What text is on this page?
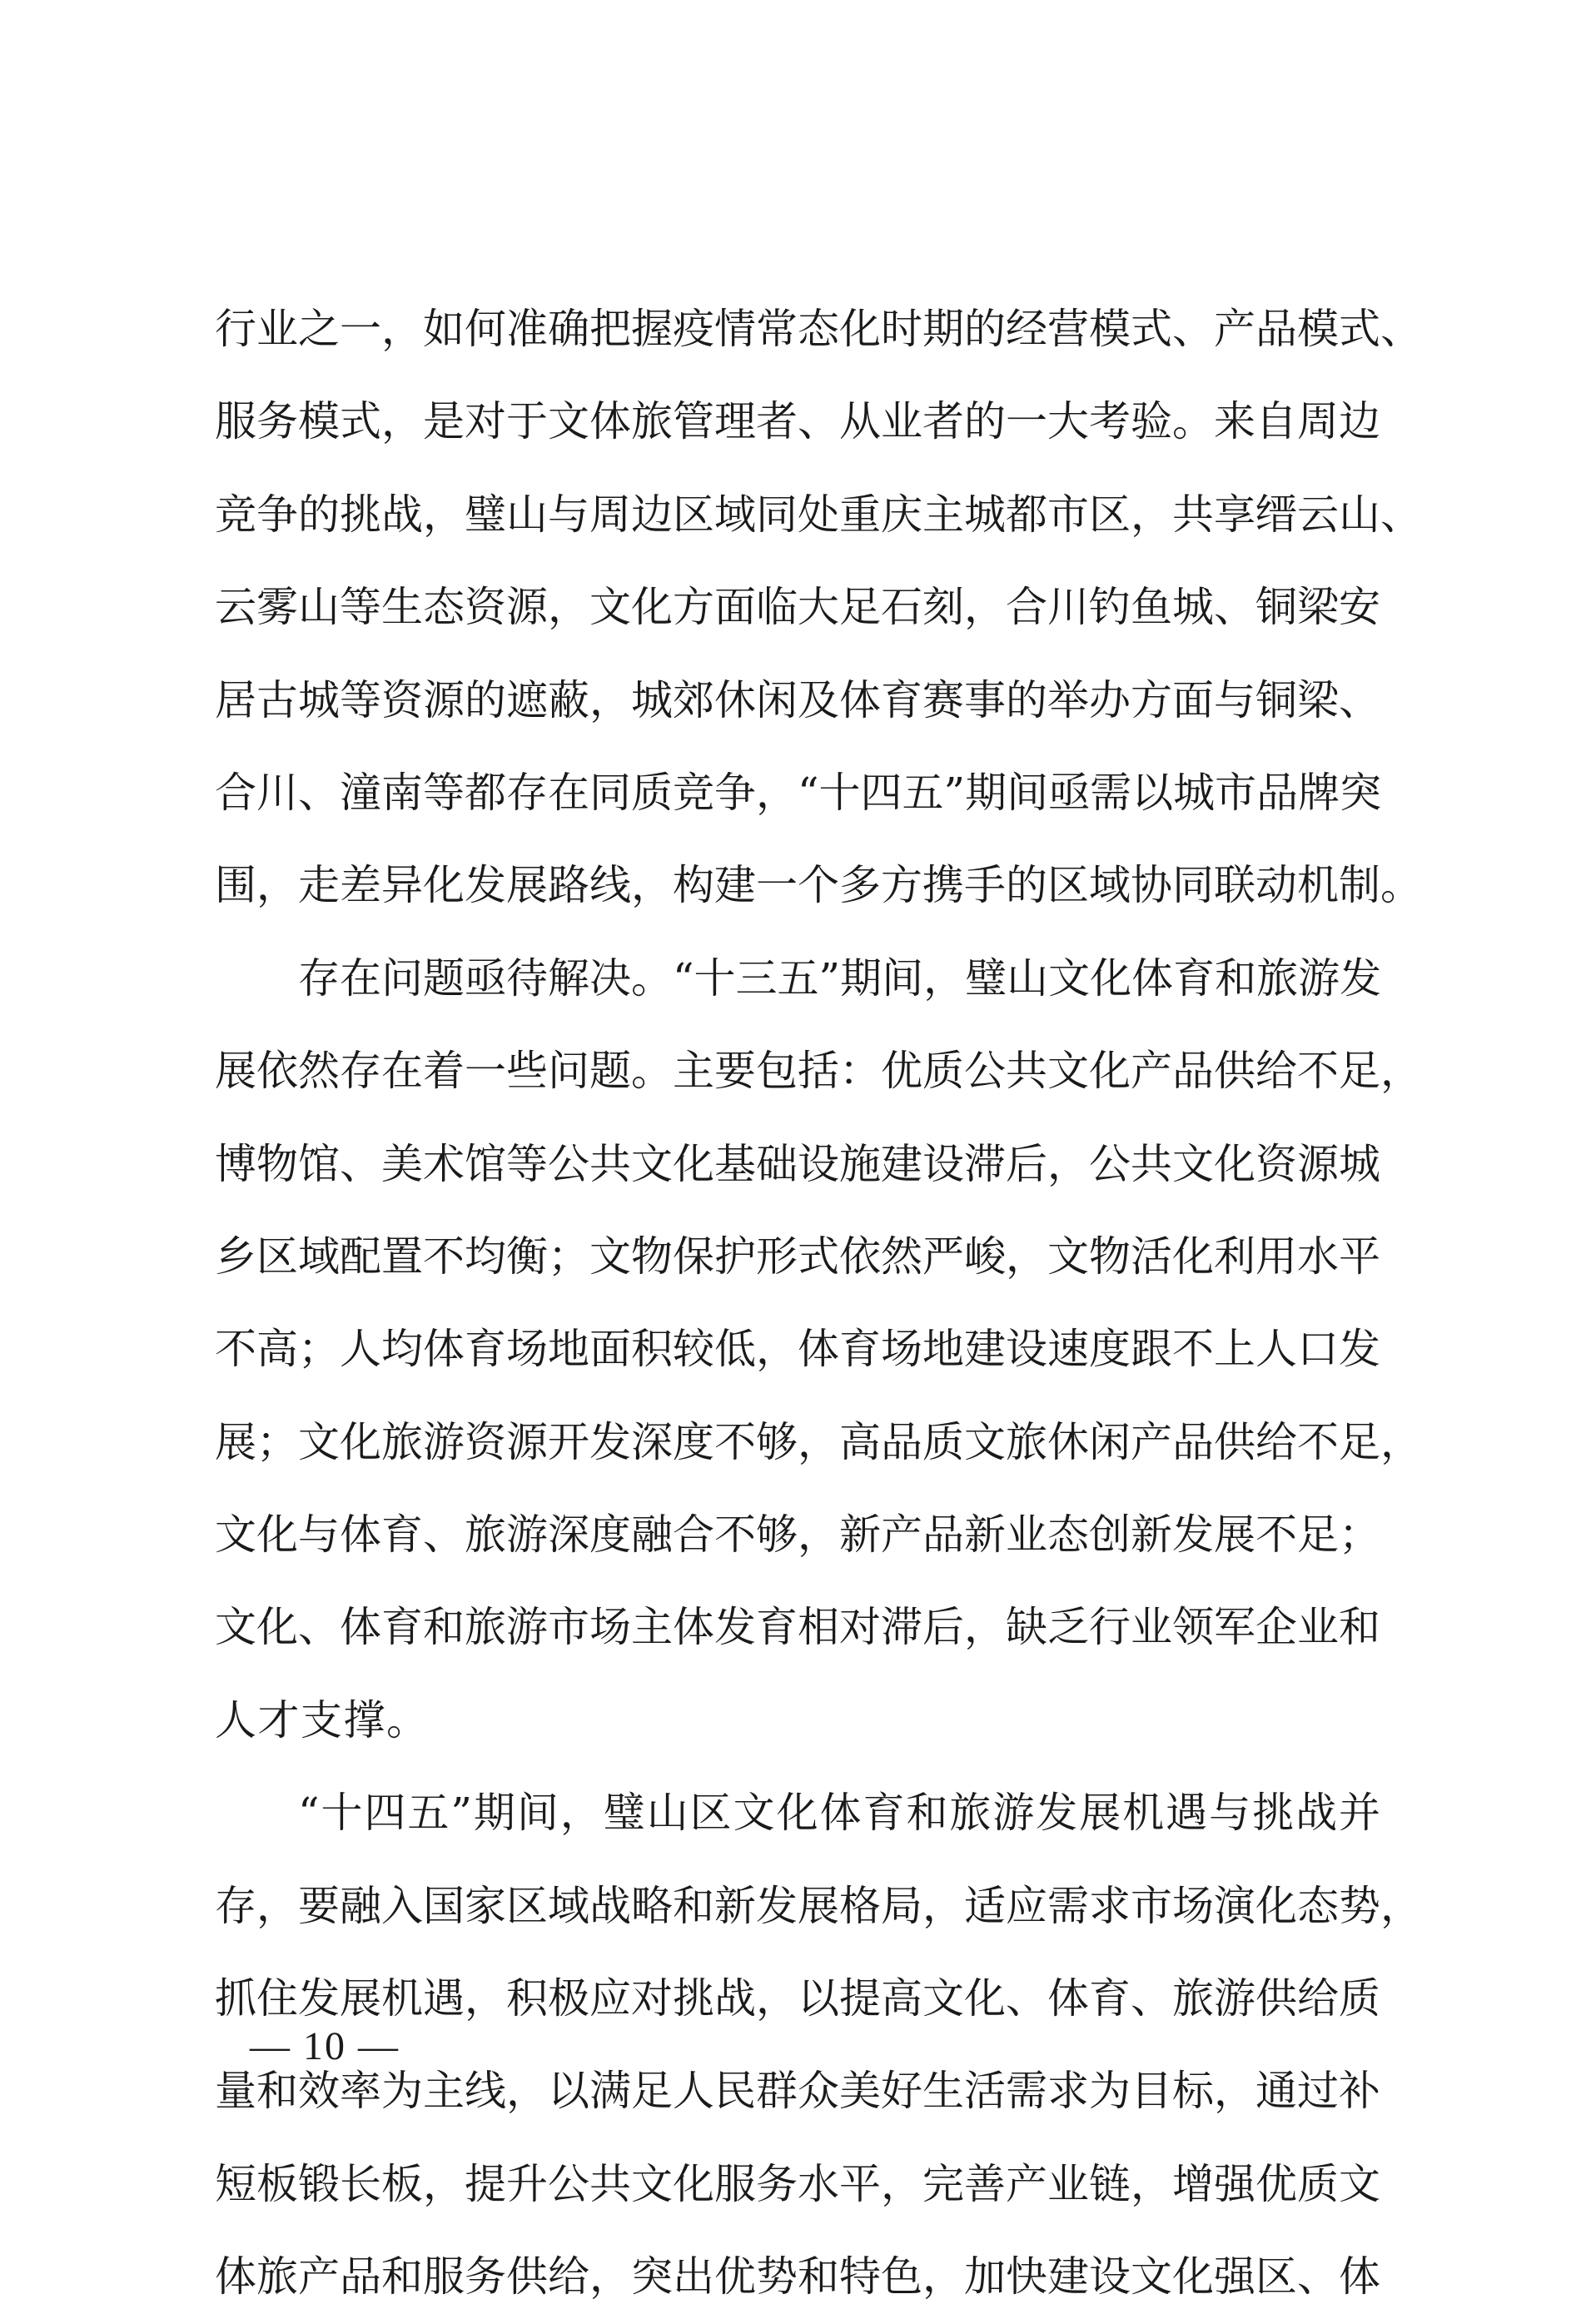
行业之一，如何准确把握疫情常态化时期的经营模式、产品模式、
服务模式，是对于文体旅管理者、从业者的一大考验。来自周边
竞争的挑战，璧山与周边区域同处重庆主城都市区，共享缙云山、
云雾山等生态资源，文化方面临大足石刻，合川钓鱼城、铜梁安
居古城等资源的遮蔽，城郊休闲及体育赛事的举办方面与铜梁、
合川、潼南等都存在同质竞争，“十四五”期间亟需以城市品牌突
围，走差异化发展路线，构建一个多方携手的区域协同联动机制。
存在问题亟待解决。“十三五”期间，璧山文化体育和旅游发
展依然存在着一些问题。主要包括：优质公共文化产品供给不足，
博物馆、美术馆等公共文化基础设施建设滞后，公共文化资源城
乡区域配置不均衡；文物保护形式依然严峻，文物活化利用水平
不高；人均体育场地面积较低，体育场地建设速度跟不上人口发
展；文化旅游资源开发深度不够，高品质文旅休闲产品供给不足，
文化与体育、旅游深度融合不够，新产品新业态创新发展不足；
文化、体育和旅游市场主体发育相对滞后，缺乏行业领军企业和
人才支撑。
“十四五”期间，璧山区文化体育和旅游发展机遇与挑战并
存，要融入国家区域战略和新发展格局，适应需求市场演化态势，
抓住发展机遇，积极应对挑战，以提高文化、体育、旅游供给质
量和效率为主线，以满足人民群众美好生活需求为目标，通过补
短板锻长板，提升公共文化服务水平，完善产业链，增强优质文
体旅产品和服务供给，突出优势和特色，加快建设文化强区、体
— 10 —
